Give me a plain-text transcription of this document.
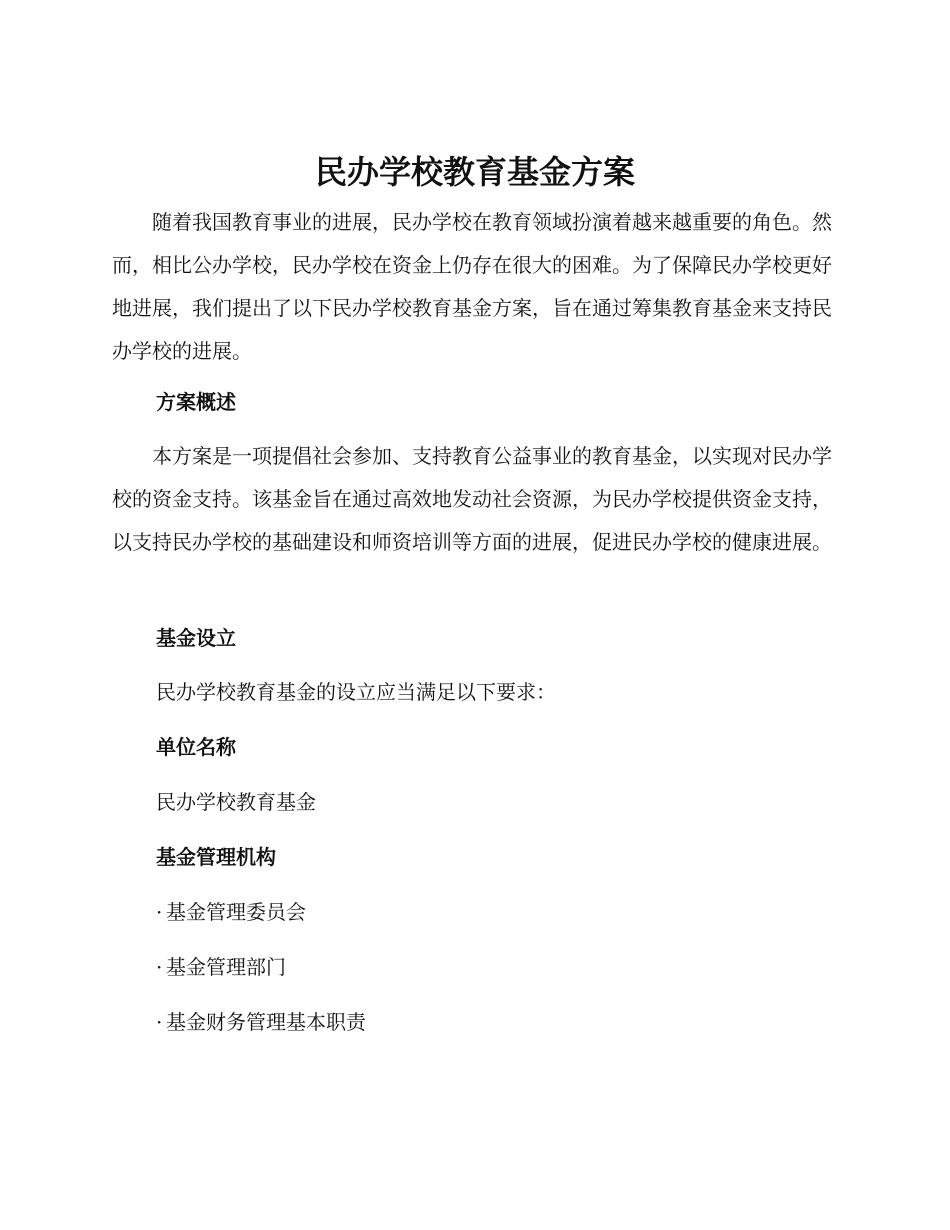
民办学校教育基金方案

随着我国教育事业的进展，民办学校在教育领域扮演着越来越重要的角色。然而，相比公办学校，民办学校在资金上仍存在很大的困难。为了保障民办学校更好地进展，我们提出了以下民办学校教育基金方案，旨在通过筹集教育基金来支持民办学校的进展。

方案概述

本方案是一项提倡社会参加、支持教育公益事业的教育基金，以实现对民办学校的资金支持。该基金旨在通过高效地发动社会资源，为民办学校提供资金支持，以支持民办学校的基础建设和师资培训等方面的进展，促进民办学校的健康进展。

基金设立

民办学校教育基金的设立应当满足以下要求：

单位名称

民办学校教育基金

基金管理机构

· 基金管理委员会

· 基金管理部门

· 基金财务管理基本职责
